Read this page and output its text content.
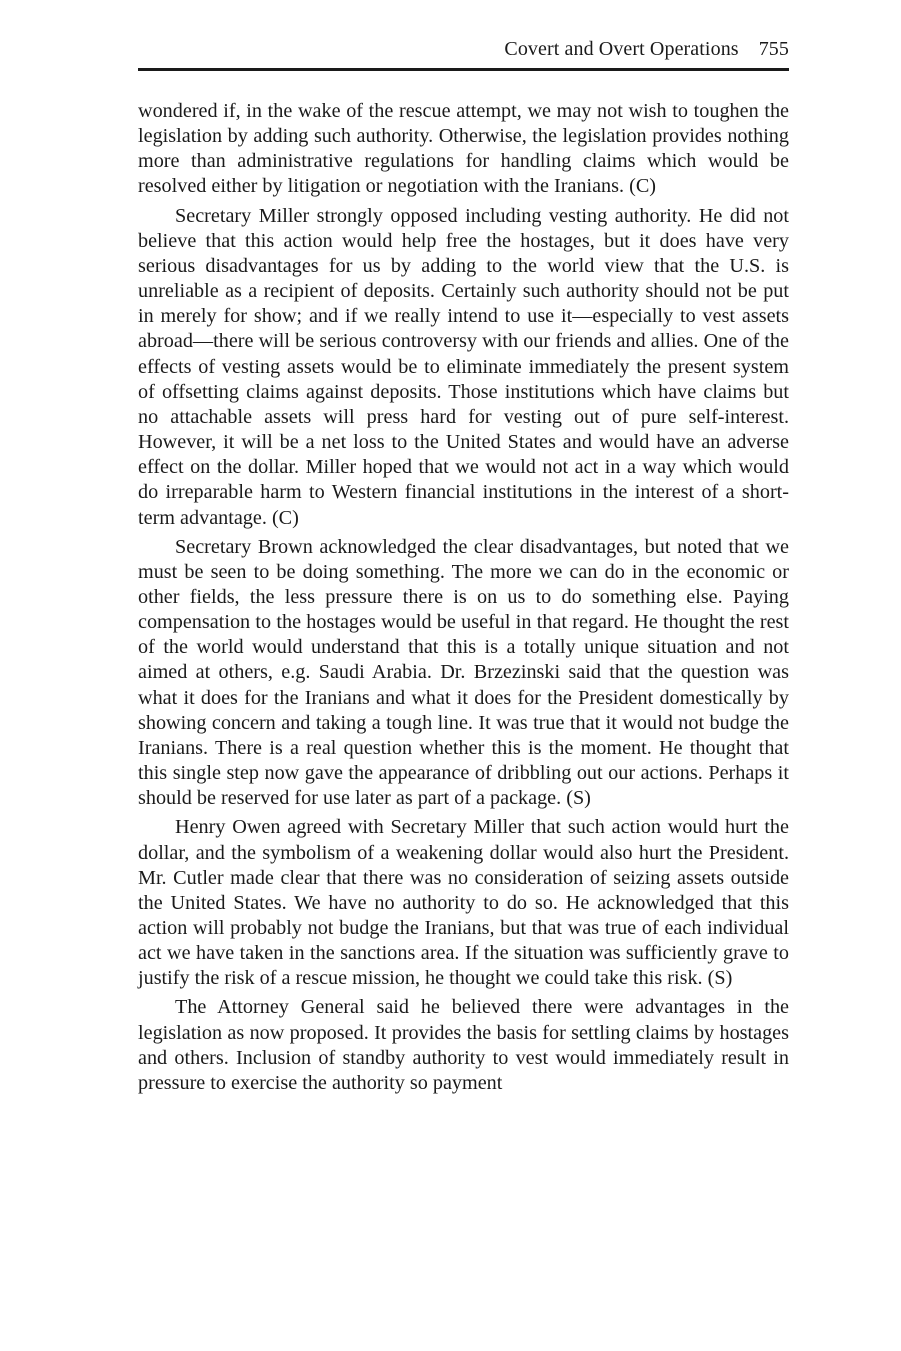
Covert and Overt Operations 755

wondered if, in the wake of the rescue attempt, we may not wish to toughen the legislation by adding such authority. Otherwise, the legislation provides nothing more than administrative regulations for handling claims which would be resolved either by litigation or negotiation with the Iranians. (C)

Secretary Miller strongly opposed including vesting authority. He did not believe that this action would help free the hostages, but it does have very serious disadvantages for us by adding to the world view that the U.S. is unreliable as a recipient of deposits. Certainly such authority should not be put in merely for show; and if we really intend to use it—especially to vest assets abroad—there will be serious controversy with our friends and allies. One of the effects of vesting assets would be to eliminate immediately the present system of offsetting claims against deposits. Those institutions which have claims but no attachable assets will press hard for vesting out of pure self-interest. However, it will be a net loss to the United States and would have an adverse effect on the dollar. Miller hoped that we would not act in a way which would do irreparable harm to Western financial institutions in the interest of a short-term advantage. (C)

Secretary Brown acknowledged the clear disadvantages, but noted that we must be seen to be doing something. The more we can do in the economic or other fields, the less pressure there is on us to do something else. Paying compensation to the hostages would be useful in that regard. He thought the rest of the world would understand that this is a totally unique situation and not aimed at others, e.g. Saudi Arabia. Dr. Brzezinski said that the question was what it does for the Iranians and what it does for the President domestically by showing concern and taking a tough line. It was true that it would not budge the Iranians. There is a real question whether this is the moment. He thought that this single step now gave the appearance of dribbling out our actions. Perhaps it should be reserved for use later as part of a package. (S)

Henry Owen agreed with Secretary Miller that such action would hurt the dollar, and the symbolism of a weakening dollar would also hurt the President. Mr. Cutler made clear that there was no consideration of seizing assets outside the United States. We have no authority to do so. He acknowledged that this action will probably not budge the Iranians, but that was true of each individual act we have taken in the sanctions area. If the situation was sufficiently grave to justify the risk of a rescue mission, he thought we could take this risk. (S)

The Attorney General said he believed there were advantages in the legislation as now proposed. It provides the basis for settling claims by hostages and others. Inclusion of standby authority to vest would immediately result in pressure to exercise the authority so payment
